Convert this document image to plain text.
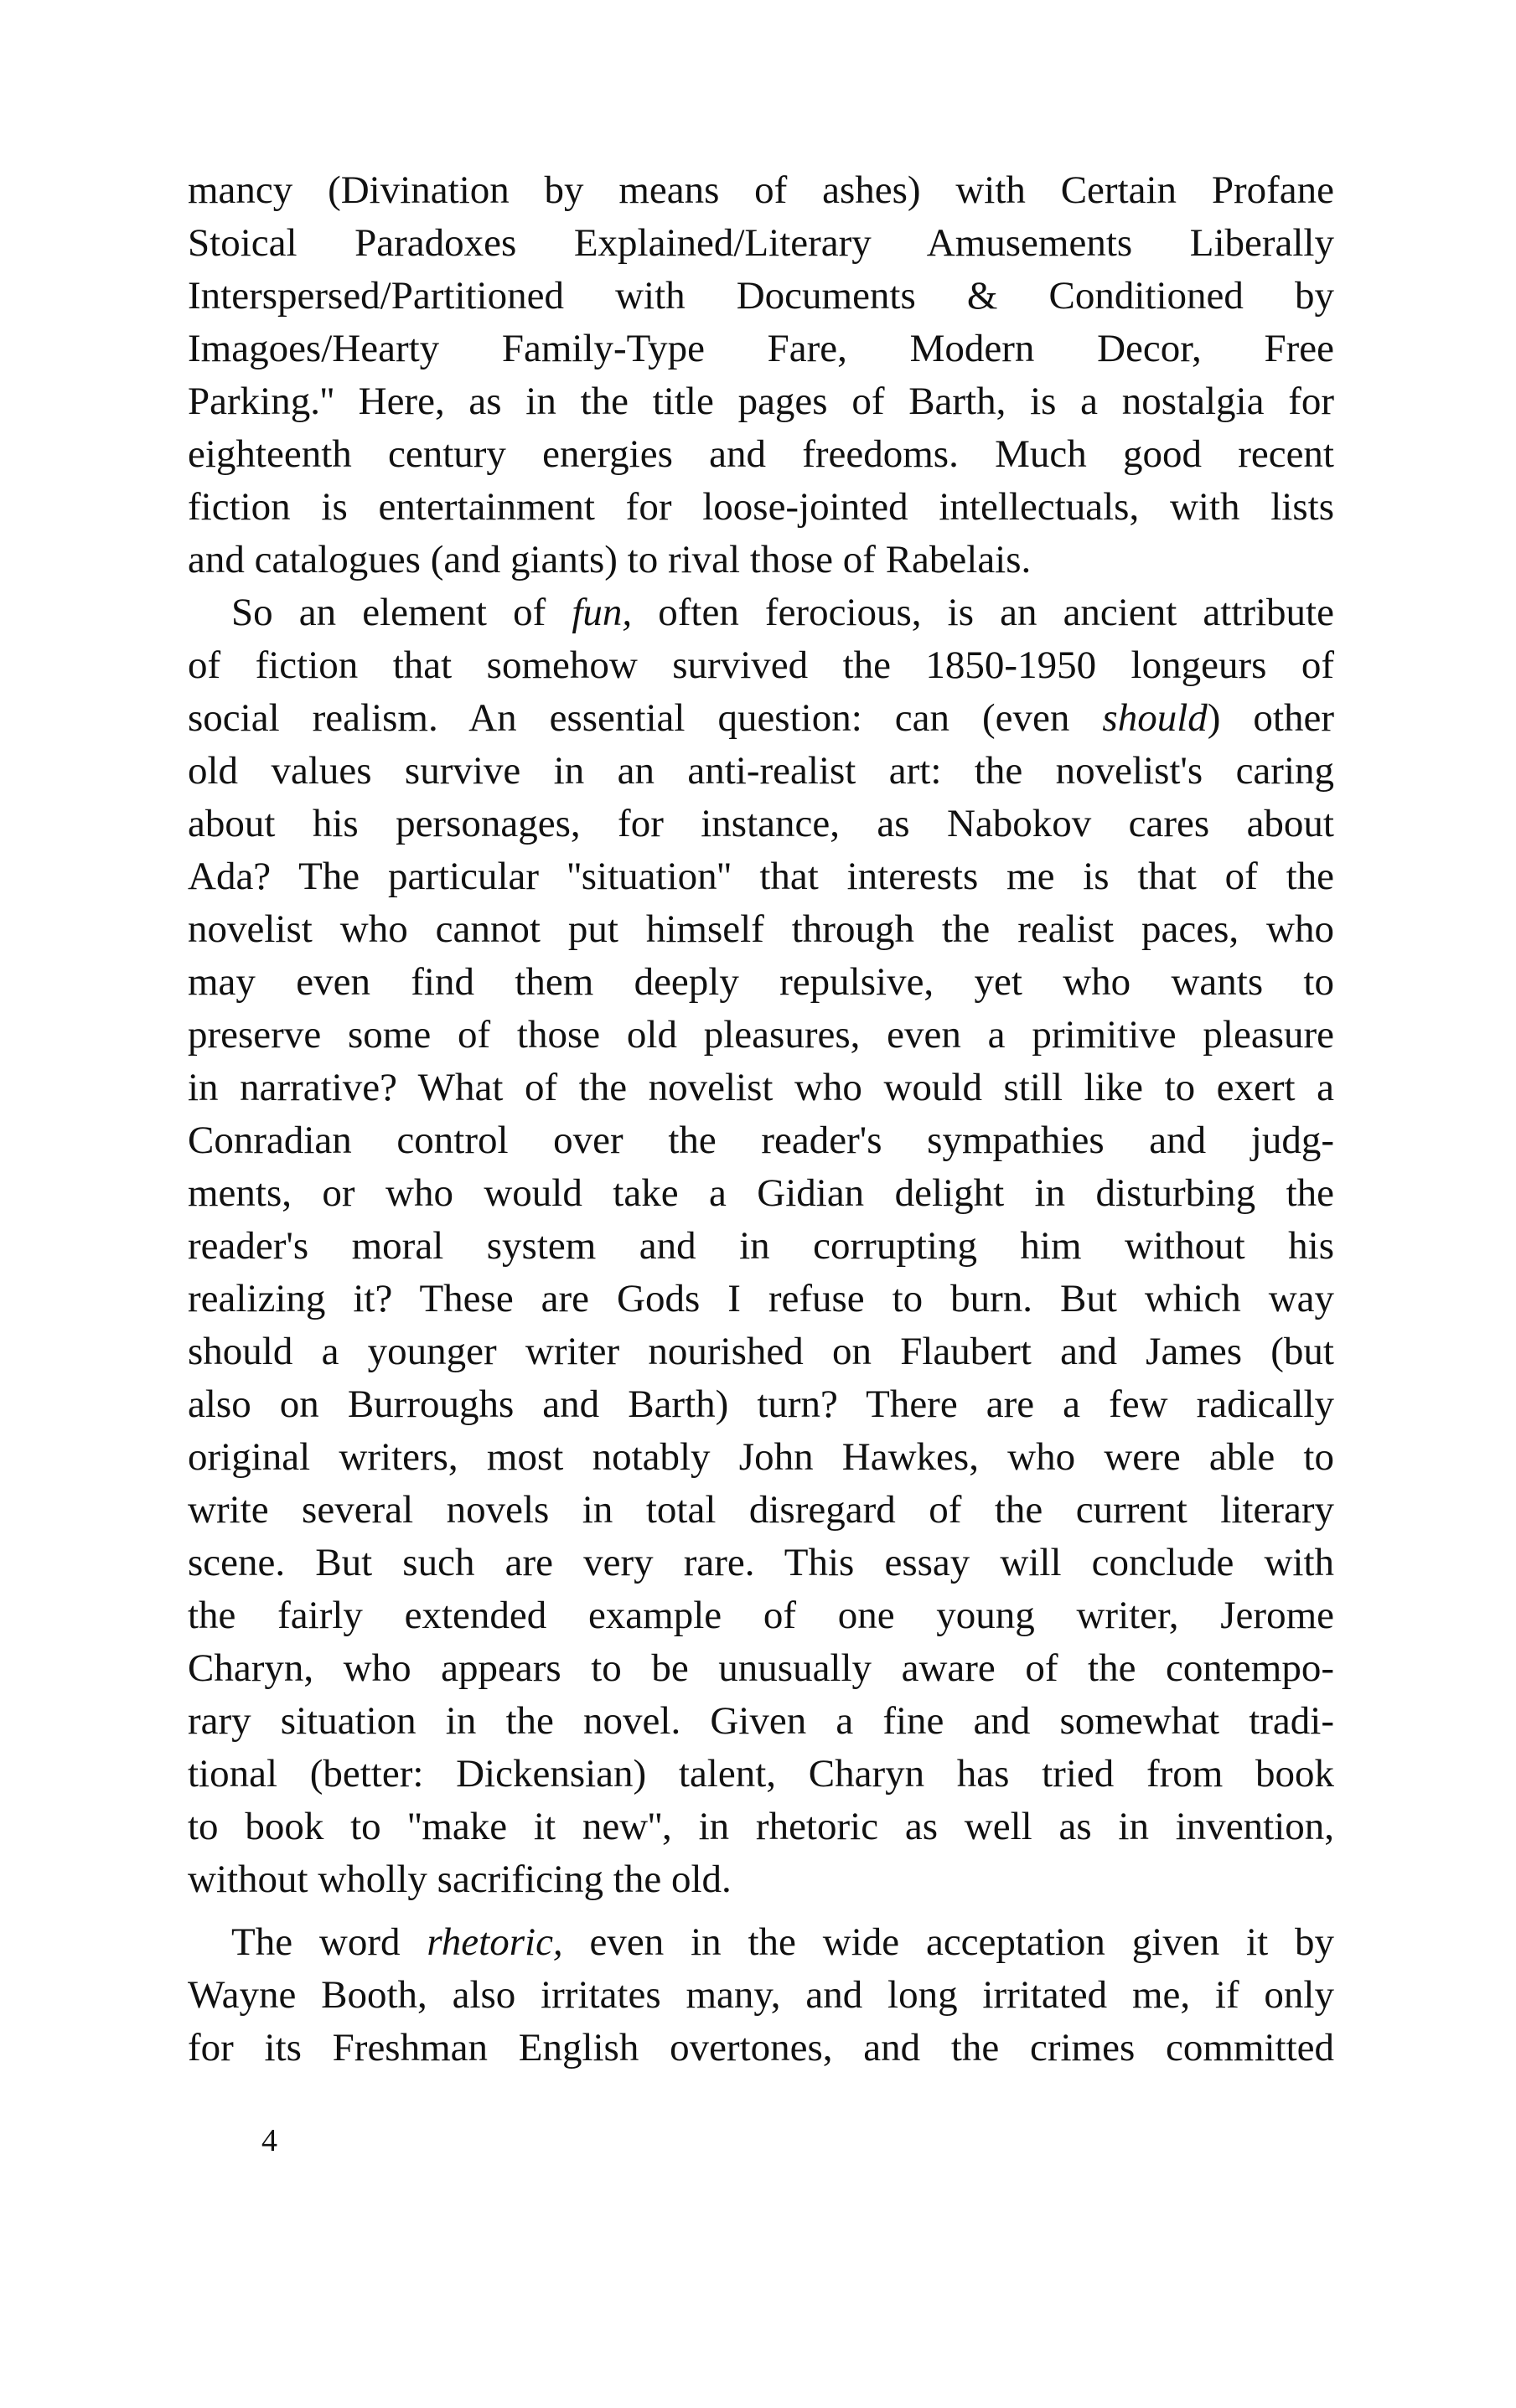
mancy (Divination by means of ashes) with Certain Profane
Stoical Paradoxes Explained/Literary Amusements Liberally
Interspersed/Partitioned with Documents & Conditioned by
Imagoes/Hearty Family-Type Fare, Modern Decor, Free
Parking.'' Here, as in the title pages of Barth, is a nostalgia for
eighteenth century energies and freedoms. Much good recent
fiction is entertainment for loose-jointed intellectuals, with lists
and catalogues (and giants) to rival those of Rabelais.
So an element of fun, often ferocious, is an ancient attribute
of fiction that somehow survived the 1850-1950 longeurs of
social realism. An essential question: can (even should) other
old values survive in an anti-realist art: the novelist's caring
about his personages, for instance, as Nabokov cares about
Ada? The particular ''situation'' that interests me is that of the
novelist who cannot put himself through the realist paces, who
may even find them deeply repulsive, yet who wants to
preserve some of those old pleasures, even a primitive pleasure
in narrative? What of the novelist who would still like to exert a
Conradian control over the reader's sympathies and judg-
ments, or who would take a Gidian delight in disturbing the
reader's moral system and in corrupting him without his
realizing it? These are Gods I refuse to burn. But which way
should a younger writer nourished on Flaubert and James (but
also on Burroughs and Barth) turn? There are a few radically
original writers, most notably John Hawkes, who were able to
write several novels in total disregard of the current literary
scene. But such are very rare. This essay will conclude with
the fairly extended example of one young writer, Jerome
Charyn, who appears to be unusually aware of the contempo-
rary situation in the novel. Given a fine and somewhat tradi-
tional (better: Dickensian) talent, Charyn has tried from book
to book to ''make it new'', in rhetoric as well as in invention,
without wholly sacrificing the old.
The word rhetoric, even in the wide acceptation given it by
Wayne Booth, also irritates many, and long irritated me, if only
for its Freshman English overtones, and the crimes committed
4
